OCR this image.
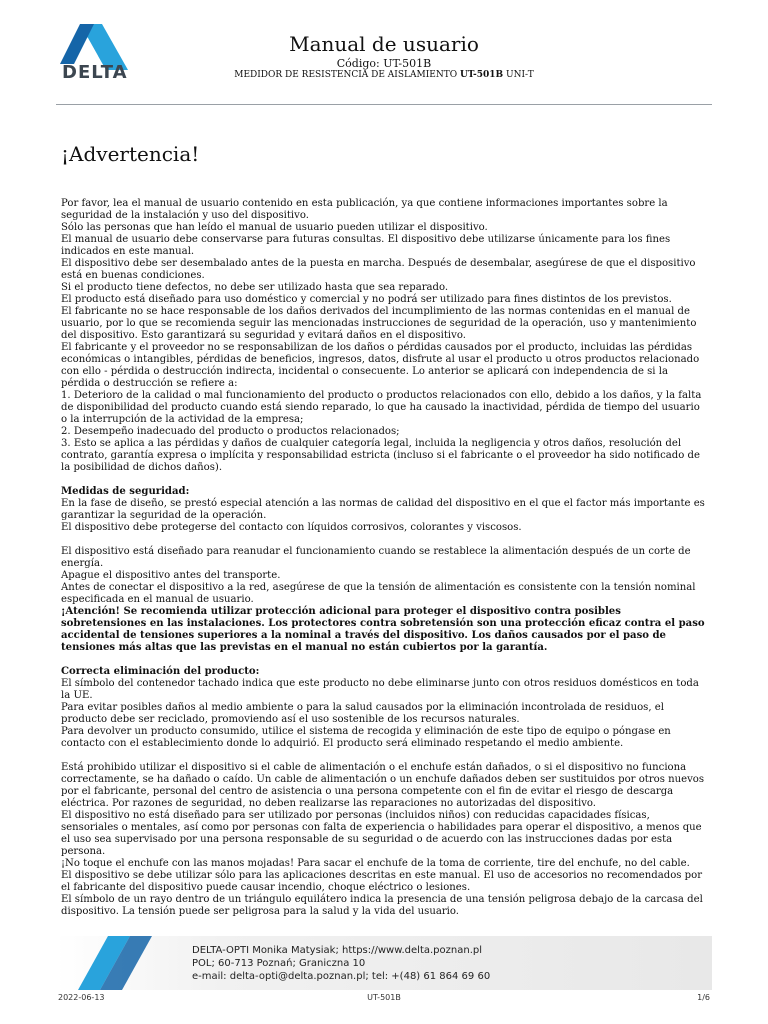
DELTA
Manual de usuario
Código: UT-501B
MEDIDOR DE RESISTENCIA DE AISLAMIENTO UT-501B UNI-T
¡Advertencia!

Por favor, lea el manual de usuario contenido en esta publicación, ya que contiene informaciones importantes sobre la seguridad de la instalación y uso del dispositivo.

Sólo las personas que han leído el manual de usuario pueden utilizar el dispositivo.

El manual de usuario debe conservarse para futuras consultas. El dispositivo debe utilizarse únicamente para los fines indicados en este manual.

El dispositivo debe ser desembalado antes de la puesta en marcha. Después de desembalar, asegúrese de que el dispositivo está en buenas condiciones.

Si el producto tiene defectos, no debe ser utilizado hasta que sea reparado.

El producto está diseñado para uso doméstico y comercial y no podrá ser utilizado para fines distintos de los previstos.

El fabricante no se hace responsable de los daños derivados del incumplimiento de las normas contenidas en el manual de usuario, por lo que se recomienda seguir las mencionadas instrucciones de seguridad de la operación, uso y mantenimiento del dispositivo. Esto garantizará su seguridad y evitará daños en el dispositivo.

El fabricante y el proveedor no se responsabilizan de los daños o pérdidas causados por el producto, incluidas las pérdidas económicas o intangibles, pérdidas de beneficios, ingresos, datos, disfrute al usar el producto u otros productos relacionado con ello - pérdida o destrucción indirecta, incidental o consecuente. Lo anterior se aplicará con independencia de si la pérdida o destrucción se refiere a:

1. Deterioro de la calidad o mal funcionamiento del producto o productos relacionados con ello, debido a los daños, y la falta de disponibilidad del producto cuando está siendo reparado, lo que ha causado la inactividad, pérdida de tiempo del usuario o la interrupción de la actividad de la empresa;

2. Desempeño inadecuado del producto o productos relacionados;

3. Esto se aplica a las pérdidas y daños de cualquier categoría legal, incluida la negligencia y otros daños, resolución del contrato, garantía expresa o implícita y responsabilidad estricta (incluso si el fabricante o el proveedor ha sido notificado de la posibilidad de dichos daños).

Medidas de seguridad:

En la fase de diseño, se prestó especial atención a las normas de calidad del dispositivo en el que el factor más importante es garantizar la seguridad de la operación.

El dispositivo debe protegerse del contacto con líquidos corrosivos, colorantes y viscosos.

El dispositivo está diseñado para reanudar el funcionamiento cuando se restablece la alimentación después de un corte de energía.

Apague el dispositivo antes del transporte.

Antes de conectar el dispositivo a la red, asegúrese de que la tensión de alimentación es consistente con la tensión nominal especificada en el manual de usuario.

¡Atención! Se recomienda utilizar protección adicional para proteger el dispositivo contra posibles sobretensiones en las instalaciones. Los protectores contra sobretensión son una protección eficaz contra el paso accidental de tensiones superiores a la nominal a través del dispositivo. Los daños causados por el paso de tensiones más altas que las previstas en el manual no están cubiertos por la garantía.

Correcta eliminación del producto:

El símbolo del contenedor tachado indica que este producto no debe eliminarse junto con otros residuos domésticos en toda la UE.

Para evitar posibles daños al medio ambiente o para la salud causados por la eliminación incontrolada de residuos, el producto debe ser reciclado, promoviendo así el uso sostenible de los recursos naturales.

Para devolver un producto consumido, utilice el sistema de recogida y eliminación de este tipo de equipo o póngase en contacto con el establecimiento donde lo adquirió. El producto será eliminado respetando el medio ambiente.

Está prohibido utilizar el dispositivo si el cable de alimentación o el enchufe están dañados, o si el dispositivo no funciona correctamente, se ha dañado o caído. Un cable de alimentación o un enchufe dañados deben ser sustituidos por otros nuevos por el fabricante, personal del centro de asistencia o una persona competente con el fin de evitar el riesgo de descarga eléctrica. Por razones de seguridad, no deben realizarse las reparaciones no autorizadas del dispositivo.

El dispositivo no está diseñado para ser utilizado por personas (incluidos niños) con reducidas capacidades físicas, sensoriales o mentales, así como por personas con falta de experiencia o habilidades para operar el dispositivo, a menos que el uso sea supervisado por una persona responsable de su seguridad o de acuerdo con las instrucciones dadas por esta persona.

¡No toque el enchufe con las manos mojadas! Para sacar el enchufe de la toma de corriente, tire del enchufe, no del cable.

El dispositivo se debe utilizar sólo para las aplicaciones descritas en este manual. El uso de accesorios no recomendados por el fabricante del dispositivo puede causar incendio, choque eléctrico o lesiones.

El símbolo de un rayo dentro de un triángulo equilátero indica la presencia de una tensión peligrosa debajo de la carcasa del dispositivo. La tensión puede ser peligrosa para la salud y la vida del usuario.

DELTA-OPTI Monika Matysiak; https://www.delta.poznan.pl
POL; 60-713 Poznań; Graniczna 10
e-mail: delta-opti@delta.poznan.pl; tel: +(48) 61 864 69 60
2022-06-13	UT-501B	1/6
